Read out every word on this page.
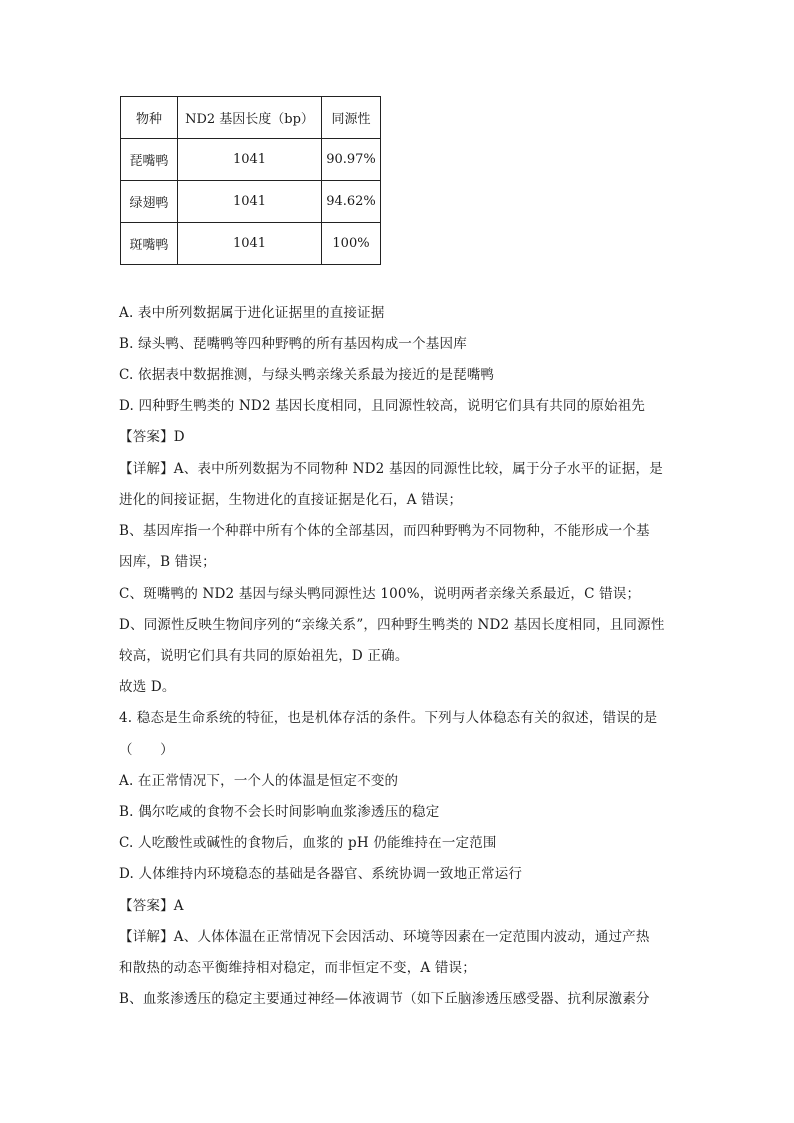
物种	ND2 基因长度（bp）	同源性
琵嘴鸭	1041	90.97%
绿翅鸭	1041	94.62%
斑嘴鸭	1041	100%
A. 表中所列数据属于进化证据里的直接证据
B. 绿头鸭、琵嘴鸭等四种野鸭的所有基因构成一个基因库
C. 依据表中数据推测，与绿头鸭亲缘关系最为接近的是琵嘴鸭
D. 四种野生鸭类的 ND2 基因长度相同，且同源性较高，说明它们具有共同的原始祖先
【答案】D
【详解】A、表中所列数据为不同物种 ND2 基因的同源性比较，属于分子水平的证据，是
进化的间接证据，生物进化的直接证据是化石，A 错误；
B、基因库指一个种群中所有个体的全部基因，而四种野鸭为不同物种，不能形成一个基
因库，B 错误；
C、斑嘴鸭的 ND2 基因与绿头鸭同源性达 100%，说明两者亲缘关系最近，C 错误；
D、同源性反映生物间序列的“亲缘关系”，四种野生鸭类的 ND2 基因长度相同，且同源性
较高，说明它们具有共同的原始祖先，D 正确。
故选 D。
4. 稳态是生命系统的特征，也是机体存活的条件。下列与人体稳态有关的叙述，错误的是
（　　）
A. 在正常情况下，一个人的体温是恒定不变的
B. 偶尔吃咸的食物不会长时间影响血浆渗透压的稳定
C. 人吃酸性或碱性的食物后，血浆的 pH 仍能维持在一定范围
D. 人体维持内环境稳态的基础是各器官、系统协调一致地正常运行
【答案】A
【详解】A、人体体温在正常情况下会因活动、环境等因素在一定范围内波动，通过产热
和散热的动态平衡维持相对稳定，而非恒定不变，A 错误；
B、血浆渗透压的稳定主要通过神经—体液调节（如下丘脑渗透压感受器、抗利尿激素分
